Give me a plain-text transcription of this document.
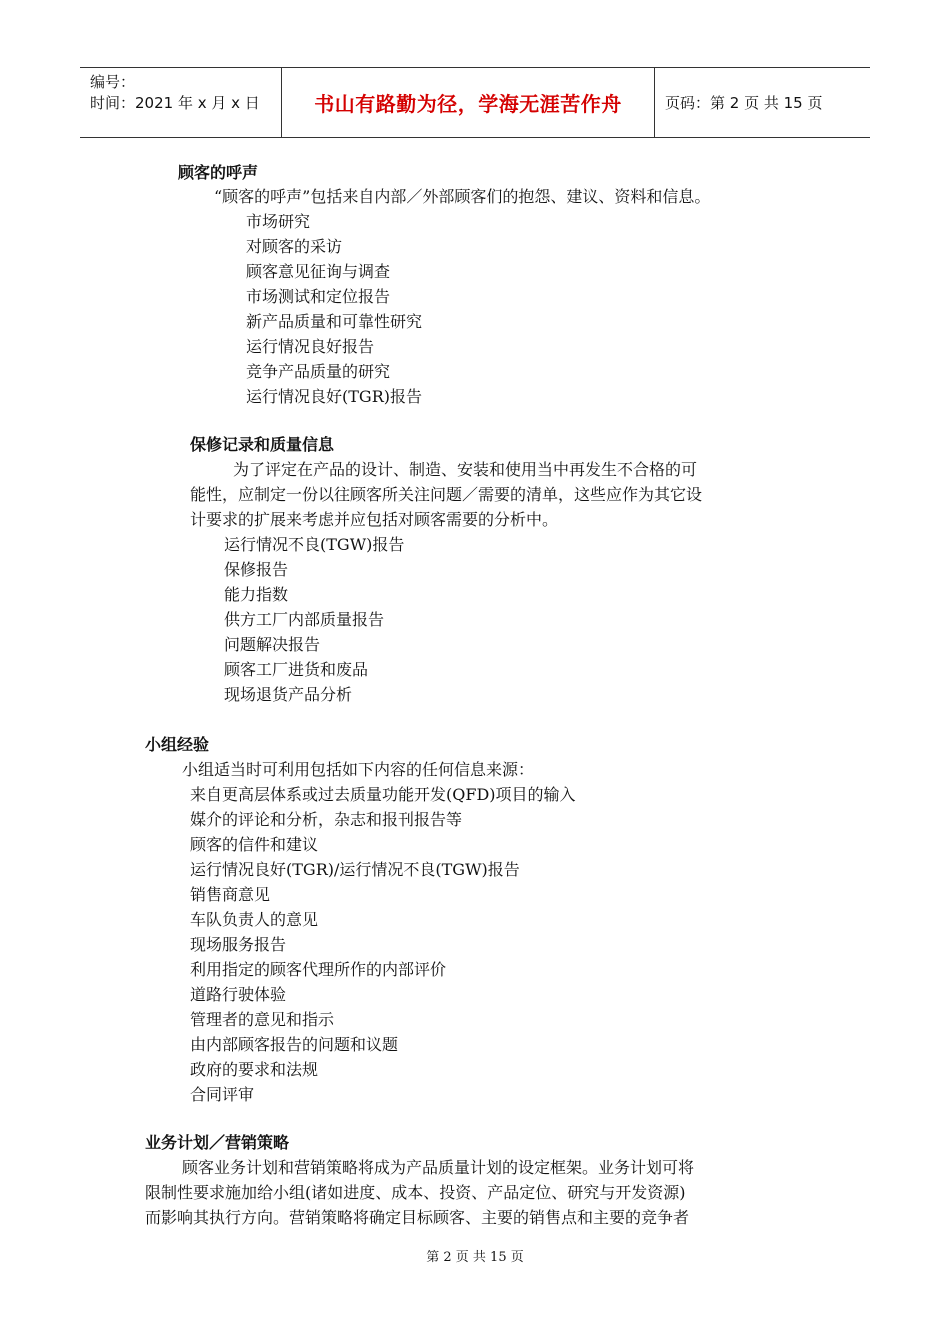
编号：
时间：2021 年 x 月 x 日	书山有路勤为径，学海无涯苦作舟	页码：第 2 页 共 15 页
顾客的呼声
“顾客的呼声”包括来自内部／外部顾客们的抱怨、建议、资料和信息。
市场研究
对顾客的采访
顾客意见征询与调查
市场测试和定位报告
新产品质量和可靠性研究
运行情况良好报告
竞争产品质量的研究
运行情况良好(TGR)报告
保修记录和质量信息
为了评定在产品的设计、制造、安装和使用当中再发生不合格的可
能性，应制定一份以往顾客所关注问题／需要的清单，这些应作为其它设
计要求的扩展来考虑并应包括对顾客需要的分析中。
运行情况不良(TGW)报告
保修报告
能力指数
供方工厂内部质量报告
问题解决报告
顾客工厂进货和废品
现场退货产品分析
小组经验
小组适当时可利用包括如下内容的任何信息来源：
来自更高层体系或过去质量功能开发(QFD)项目的输入
媒介的评论和分析，杂志和报刊报告等
顾客的信件和建议
运行情况良好(TGR)/运行情况不良(TGW)报告
销售商意见
车队负责人的意见
现场服务报告
利用指定的顾客代理所作的内部评价
道路行驶体验
管理者的意见和指示
由内部顾客报告的问题和议题
政府的要求和法规
合同评审
业务计划／营销策略
顾客业务计划和营销策略将成为产品质量计划的设定框架。业务计划可将
限制性要求施加给小组(诸如进度、成本、投资、产品定位、研究与开发资源)
而影响其执行方向。营销策略将确定目标顾客、主要的销售点和主要的竞争者
第 2 页 共 15 页
